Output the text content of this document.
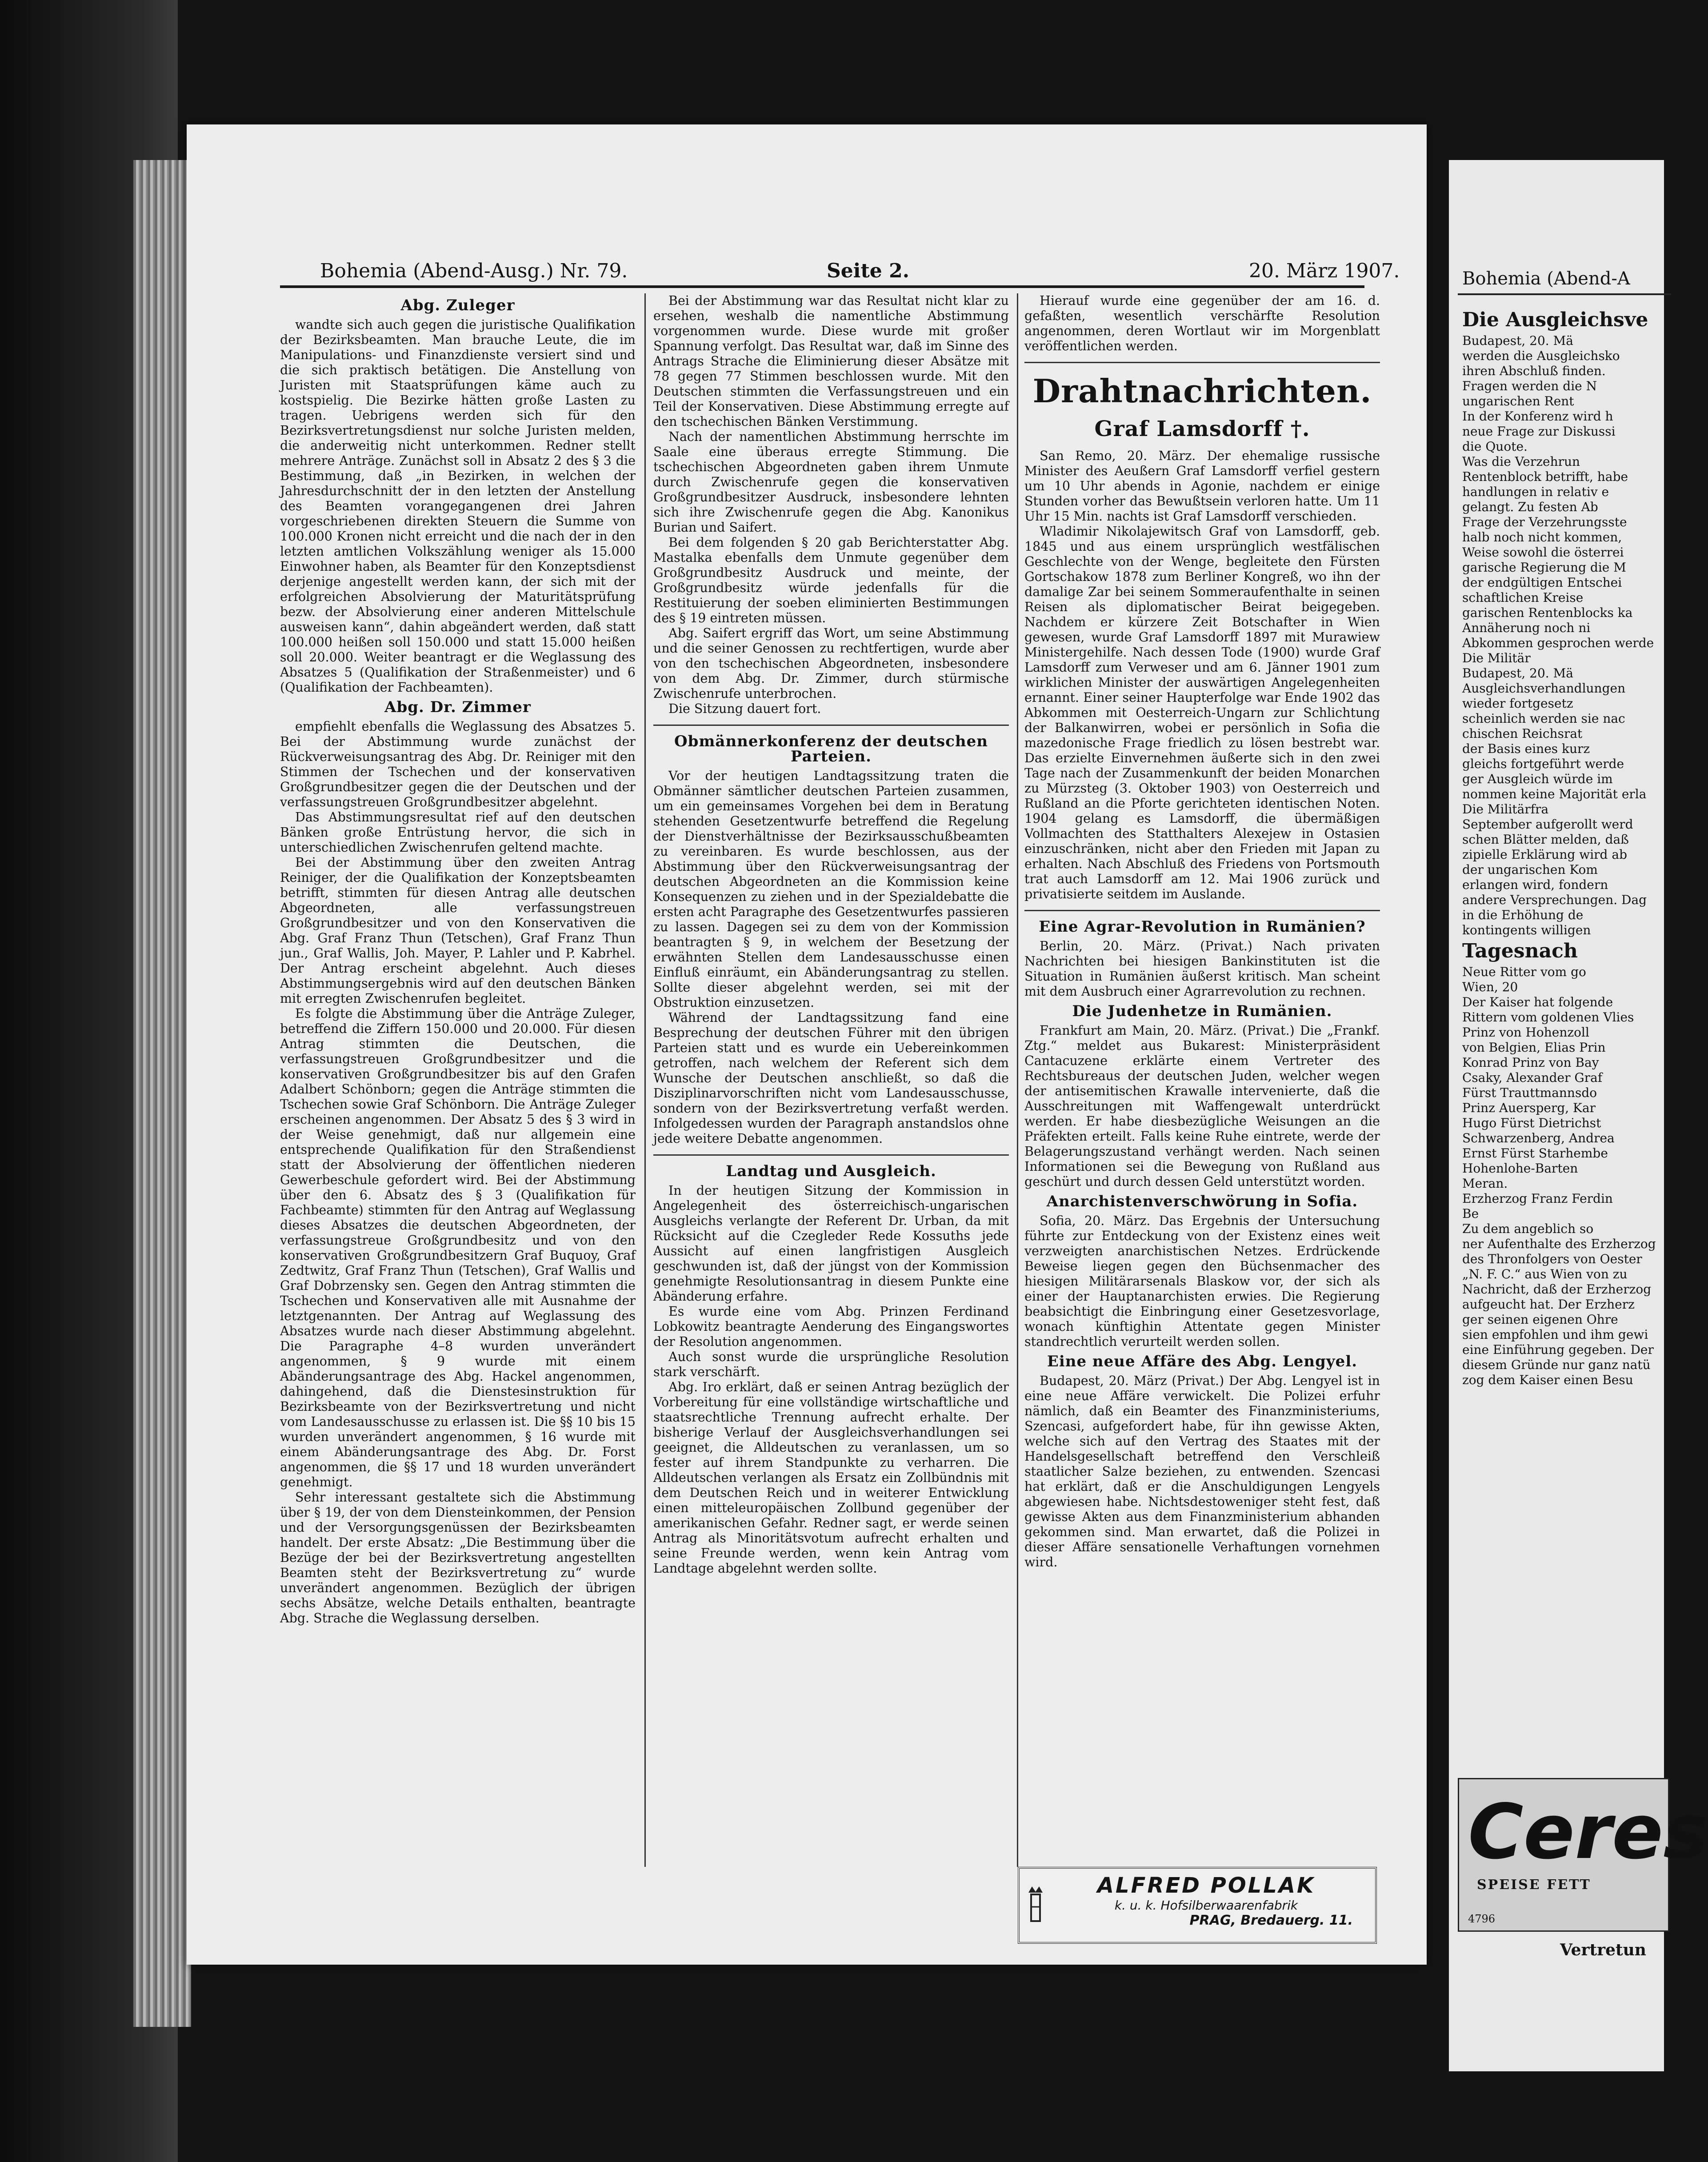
Bohemia (Abend-Ausg.) Nr. 79.	Seite 2.	20. März 1907.

Abg. Zuleger

wandte sich auch gegen die juristische Qualifikation der Bezirksbeamten. Man brauche Leute, die im Manipulations- und Finanzdienste versiert sind und die sich praktisch betätigen. Die Anstellung von Juristen mit Staatsprüfungen käme auch zu kostspielig. Die Bezirke hätten große Lasten zu tragen. Uebrigens werden sich für den Bezirksvertretungsdienst nur solche Juristen melden, die anderweitig nicht unterkommen. Redner stellt mehrere Anträge. Zunächst soll in Absatz 2 des § 3 die Bestimmung, daß „in Bezirken, in welchen der Jahresdurchschnitt der in den letzten der Anstellung des Beamten vorangegangenen drei Jahren vorgeschriebenen direkten Steuern die Summe von 100.000 Kronen nicht erreicht und die nach der in den letzten amtlichen Volkszählung weniger als 15.000 Einwohner haben, als Beamter für den Konzeptsdienst derjenige angestellt werden kann, der sich mit der erfolgreichen Absolvierung der Maturitätsprüfung bezw. der Absolvierung einer anderen Mittelschule ausweisen kann“, dahin abgeändert werden, daß statt 100.000 heißen soll 150.000 und statt 15.000 heißen soll 20.000. Weiter beantragt er die Weglassung des Absatzes 5 (Qualifikation der Straßenmeister) und 6 (Qualifikation der Fachbeamten).

Abg. Dr. Zimmer

empfiehlt ebenfalls die Weglassung des Absatzes 5. Bei der Abstimmung wurde zunächst der Rückverweisungsantrag des Abg. Dr. Reiniger mit den Stimmen der Tschechen und der konservativen Großgrundbesitzer gegen die der Deutschen und der verfassungstreuen Großgrundbesitzer abgelehnt.

Das Abstimmungsresultat rief auf den deutschen Bänken große Entrüstung hervor, die sich in unterschiedlichen Zwischenrufen geltend machte.

Bei der Abstimmung über den zweiten Antrag Reiniger, der die Qualifikation der Konzeptsbeamten betrifft, stimmten für diesen Antrag alle deutschen Abgeordneten, alle verfassungstreuen Großgrundbesitzer und von den Konservativen die Abg. Graf Franz Thun (Tetschen), Graf Franz Thun jun., Graf Wallis, Joh. Mayer, P. Lahler und P. Kabrhel. Der Antrag erscheint abgelehnt. Auch dieses Abstimmungsergebnis wird auf den deutschen Bänken mit erregten Zwischenrufen begleitet.

Es folgte die Abstimmung über die Anträge Zuleger, betreffend die Ziffern 150.000 und 20.000. Für diesen Antrag stimmten die Deutschen, die verfassungstreuen Großgrundbesitzer und die konservativen Großgrundbesitzer bis auf den Grafen Adalbert Schönborn; gegen die Anträge stimmten die Tschechen sowie Graf Schönborn. Die Anträge Zuleger erscheinen angenommen. Der Absatz 5 des § 3 wird in der Weise genehmigt, daß nur allgemein eine entsprechende Qualifikation für den Straßendienst statt der Absolvierung der öffentlichen niederen Gewerbeschule gefordert wird. Bei der Abstimmung über den 6. Absatz des § 3 (Qualifikation für Fachbeamte) stimmten für den Antrag auf Weglassung dieses Absatzes die deutschen Abgeordneten, der verfassungstreue Großgrundbesitz und von den konservativen Großgrundbesitzern Graf Buquoy, Graf Zedtwitz, Graf Franz Thun (Tetschen), Graf Wallis und Graf Dobrzensky sen. Gegen den Antrag stimmten die Tschechen und Konservativen alle mit Ausnahme der letztgenannten. Der Antrag auf Weglassung des Absatzes wurde nach dieser Abstimmung abgelehnt. Die Paragraphe 4–8 wurden unverändert angenommen, § 9 wurde mit einem Abänderungsantrage des Abg. Hackel angenommen, dahingehend, daß die Dienstesinstruktion für Bezirksbeamte von der Bezirksvertretung und nicht vom Landesausschusse zu erlassen ist. Die §§ 10 bis 15 wurden unverändert angenommen, § 16 wurde mit einem Abänderungsantrage des Abg. Dr. Forst angenommen, die §§ 17 und 18 wurden unverändert genehmigt.

Sehr interessant gestaltete sich die Abstimmung über § 19, der von dem Diensteinkommen, der Pension und der Versorgungsgenüssen der Bezirksbeamten handelt. Der erste Absatz: „Die Bestimmung über die Bezüge der bei der Bezirksvertretung angestellten Beamten steht der Bezirksvertretung zu“ wurde unverändert angenommen. Bezüglich der übrigen sechs Absätze, welche Details enthalten, beantragte Abg. Strache die Weglassung derselben.

Bei der Abstimmung war das Resultat nicht klar zu ersehen, weshalb die namentliche Abstimmung vorgenommen wurde. Diese wurde mit großer Spannung verfolgt. Das Resultat war, daß im Sinne des Antrags Strache die Eliminierung dieser Absätze mit 78 gegen 77 Stimmen beschlossen wurde. Mit den Deutschen stimmten die Verfassungstreuen und ein Teil der Konservativen. Diese Abstimmung erregte auf den tschechischen Bänken Verstimmung.

Nach der namentlichen Abstimmung herrschte im Saale eine überaus erregte Stimmung. Die tschechischen Abgeordneten gaben ihrem Unmute durch Zwischenrufe gegen die konservativen Großgrundbesitzer Ausdruck, insbesondere lehnten sich ihre Zwischenrufe gegen die Abg. Kanonikus Burian und Saifert.

Bei dem folgenden § 20 gab Berichterstatter Abg. Mastalka ebenfalls dem Unmute gegenüber dem Großgrundbesitz Ausdruck und meinte, der Großgrundbesitz würde jedenfalls für die Restituierung der soeben eliminierten Bestimmungen des § 19 eintreten müssen.

Abg. Saifert ergriff das Wort, um seine Abstimmung und die seiner Genossen zu rechtfertigen, wurde aber von den tschechischen Abgeordneten, insbesondere von dem Abg. Dr. Zimmer, durch stürmische Zwischenrufe unterbrochen.

Die Sitzung dauert fort.

Obmännerkonferenz der deutschen Parteien.

Vor der heutigen Landtagssitzung traten die Obmänner sämtlicher deutschen Parteien zusammen, um ein gemeinsames Vorgehen bei dem in Beratung stehenden Gesetzentwurfe betreffend die Regelung der Dienstverhältnisse der Bezirksausschußbeamten zu vereinbaren. Es wurde beschlossen, aus der Abstimmung über den Rückverweisungsantrag der deutschen Abgeordneten an die Kommission keine Konsequenzen zu ziehen und in der Spezialdebatte die ersten acht Paragraphe des Gesetzentwurfes passieren zu lassen. Dagegen sei zu dem von der Kommission beantragten § 9, in welchem der Besetzung der erwähnten Stellen dem Landesausschusse einen Einfluß einräumt, ein Abänderungsantrag zu stellen. Sollte dieser abgelehnt werden, sei mit der Obstruktion einzusetzen.

Während der Landtagssitzung fand eine Besprechung der deutschen Führer mit den übrigen Parteien statt und es wurde ein Uebereinkommen getroffen, nach welchem der Referent sich dem Wunsche der Deutschen anschließt, so daß die Disziplinarvorschriften nicht vom Landesausschusse, sondern von der Bezirksvertretung verfaßt werden. Infolgedessen wurden der Paragraph anstandslos ohne jede weitere Debatte angenommen.

Landtag und Ausgleich.

In der heutigen Sitzung der Kommission in Angelegenheit des österreichisch-ungarischen Ausgleichs verlangte der Referent Dr. Urban, da mit Rücksicht auf die Czegleder Rede Kossuths jede Aussicht auf einen langfristigen Ausgleich geschwunden ist, daß der jüngst von der Kommission genehmigte Resolutionsantrag in diesem Punkte eine Abänderung erfahre.

Es wurde eine vom Abg. Prinzen Ferdinand Lobkowitz beantragte Aenderung des Eingangswortes der Resolution angenommen.

Auch sonst wurde die ursprüngliche Resolution stark verschärft.

Abg. Iro erklärt, daß er seinen Antrag bezüglich der Vorbereitung für eine vollständige wirtschaftliche und staatsrechtliche Trennung aufrecht erhalte. Der bisherige Verlauf der Ausgleichsverhandlungen sei geeignet, die Alldeutschen zu veranlassen, um so fester auf ihrem Standpunkte zu verharren. Die Alldeutschen verlangen als Ersatz ein Zollbündnis mit dem Deutschen Reich und in weiterer Entwicklung einen mitteleuropäischen Zollbund gegenüber der amerikanischen Gefahr. Redner sagt, er werde seinen Antrag als Minoritätsvotum aufrecht erhalten und seine Freunde werden, wenn kein Antrag vom Landtage abgelehnt werden sollte.

Hierauf wurde eine gegenüber der am 16. d. gefaßten, wesentlich verschärfte Resolution angenommen, deren Wortlaut wir im Morgenblatt veröffentlichen werden.

Drahtnachrichten.

Graf Lamsdorff †.

San Remo, 20. März. Der ehemalige russische Minister des Aeußern Graf Lamsdorff verfiel gestern um 10 Uhr abends in Agonie, nachdem er einige Stunden vorher das Bewußtsein verloren hatte. Um 11 Uhr 15 Min. nachts ist Graf Lamsdorff verschieden.

Wladimir Nikolajewitsch Graf von Lamsdorff, geb. 1845 und aus einem ursprünglich westfälischen Geschlechte von der Wenge, begleitete den Fürsten Gortschakow 1878 zum Berliner Kongreß, wo ihn der damalige Zar bei seinem Sommeraufenthalte in seinen Reisen als diplomatischer Beirat beigegeben. Nachdem er kürzere Zeit Botschafter in Wien gewesen, wurde Graf Lamsdorff 1897 mit Murawiew Ministergehilfe. Nach dessen Tode (1900) wurde Graf Lamsdorff zum Verweser und am 6. Jänner 1901 zum wirklichen Minister der auswärtigen Angelegenheiten ernannt. Einer seiner Haupterfolge war Ende 1902 das Abkommen mit Oesterreich-Ungarn zur Schlichtung der Balkanwirren, wobei er persönlich in Sofia die mazedonische Frage friedlich zu lösen bestrebt war. Das erzielte Einvernehmen äußerte sich in den zwei Tage nach der Zusammenkunft der beiden Monarchen zu Mürzsteg (3. Oktober 1903) von Oesterreich und Rußland an die Pforte gerichteten identischen Noten. 1904 gelang es Lamsdorff, die übermäßigen Vollmachten des Statthalters Alexejew in Ostasien einzuschränken, nicht aber den Frieden mit Japan zu erhalten. Nach Abschluß des Friedens von Portsmouth trat auch Lamsdorff am 12. Mai 1906 zurück und privatisierte seitdem im Auslande.

Eine Agrar-Revolution in Rumänien?

Berlin, 20. März. (Privat.) Nach privaten Nachrichten bei hiesigen Bankinstituten ist die Situation in Rumänien äußerst kritisch. Man scheint mit dem Ausbruch einer Agrarrevolution zu rechnen.

Die Judenhetze in Rumänien.

Frankfurt am Main, 20. März. (Privat.) Die „Frankf. Ztg.“ meldet aus Bukarest: Ministerpräsident Cantacuzene erklärte einem Vertreter des Rechtsbureaus der deutschen Juden, welcher wegen der antisemitischen Krawalle intervenierte, daß die Ausschreitungen mit Waffengewalt unterdrückt werden. Er habe diesbezügliche Weisungen an die Präfekten erteilt. Falls keine Ruhe eintrete, werde der Belagerungszustand verhängt werden. Nach seinen Informationen sei die Bewegung von Rußland aus geschürt und durch dessen Geld unterstützt worden.

Anarchistenverschwörung in Sofia.

Sofia, 20. März. Das Ergebnis der Untersuchung führte zur Entdeckung von der Existenz eines weit verzweigten anarchistischen Netzes. Erdrückende Beweise liegen gegen den Büchsenmacher des hiesigen Militärarsenals Blaskow vor, der sich als einer der Hauptanarchisten erwies. Die Regierung beabsichtigt die Einbringung einer Gesetzesvorlage, wonach künftighin Attentate gegen Minister standrechtlich verurteilt werden sollen.

Eine neue Affäre des Abg. Lengyel.

Budapest, 20. März (Privat.) Der Abg. Lengyel ist in eine neue Affäre verwickelt. Die Polizei erfuhr nämlich, daß ein Beamter des Finanzministeriums, Szencasi, aufgefordert habe, für ihn gewisse Akten, welche sich auf den Vertrag des Staates mit der Handelsgesellschaft betreffend den Verschleiß staatlicher Salze beziehen, zu entwenden. Szencasi hat erklärt, daß er die Anschuldigungen Lengyels abgewiesen habe. Nichtsdestoweniger steht fest, daß gewisse Akten aus dem Finanzministerium abhanden gekommen sind. Man erwartet, daß die Polizei in dieser Affäre sensationelle Verhaftungen vornehmen wird.

ALFRED POLLAK
k. u. k. Hofsilberwaarenfabrik
PRAG, Bredauerg. 11.
Bohemia (Abend-A

Die Ausgleichsve

Budapest, 20. Mä

werden die Ausgleichsko

ihren Abschluß finden.

Fragen werden die N

ungarischen Rent

In der Konferenz wird h

neue Frage zur Diskussi

die Quote.

Was die Verzehrun

Rentenblock betrifft, habe

handlungen in relativ e

gelangt. Zu festen Ab

Frage der Verzehrungsste

halb noch nicht kommen,

Weise sowohl die österrei

garische Regierung die M

der endgültigen Entschei

schaftlichen Kreise

garischen Rentenblocks ka

Annäherung noch ni

Abkommen gesprochen werde

Die Militär

Budapest, 20. Mä

Ausgleichsverhandlungen

wieder fortgesetz

scheinlich werden sie nac

chischen Reichsrat

der Basis eines kurz

gleichs fortgeführt werde

ger Ausgleich würde im

nommen keine Majorität erla

Die Militärfra

September aufgerollt werd

schen Blätter melden, daß

zipielle Erklärung wird ab

der ungarischen Kom

erlangen wird, fondern

andere Versprechungen. Dag

in die Erhöhung de

kontingents willigen

Tagesnach

Neue Ritter vom go

Wien, 20

Der Kaiser hat folgende

Rittern vom goldenen Vlies

Prinz von Hohenzoll

von Belgien, Elias Prin

Konrad Prinz von Bay

Csaky, Alexander Graf

Fürst Trauttmannsdo

Prinz Auersperg, Kar

Hugo Fürst Dietrichst

Schwarzenberg, Andrea

Ernst Fürst Starhembe

Hohenlohe-Barten

Meran.

Erzherzog Franz Ferdin

Be

Zu dem angeblich so

ner Aufenthalte des Erzherzog

des Thronfolgers von Oester

„N. F. C.“ aus Wien von zu

Nachricht, daß der Erzherzog

aufgeucht hat. Der Erzherz

ger seinen eigenen Ohre

sien empfohlen und ihm gewi

eine Einführung gegeben. Der

diesem Gründe nur ganz natü

zog dem Kaiser einen Besu

Ceres
SPEISE FETT
4796
Vertretun
